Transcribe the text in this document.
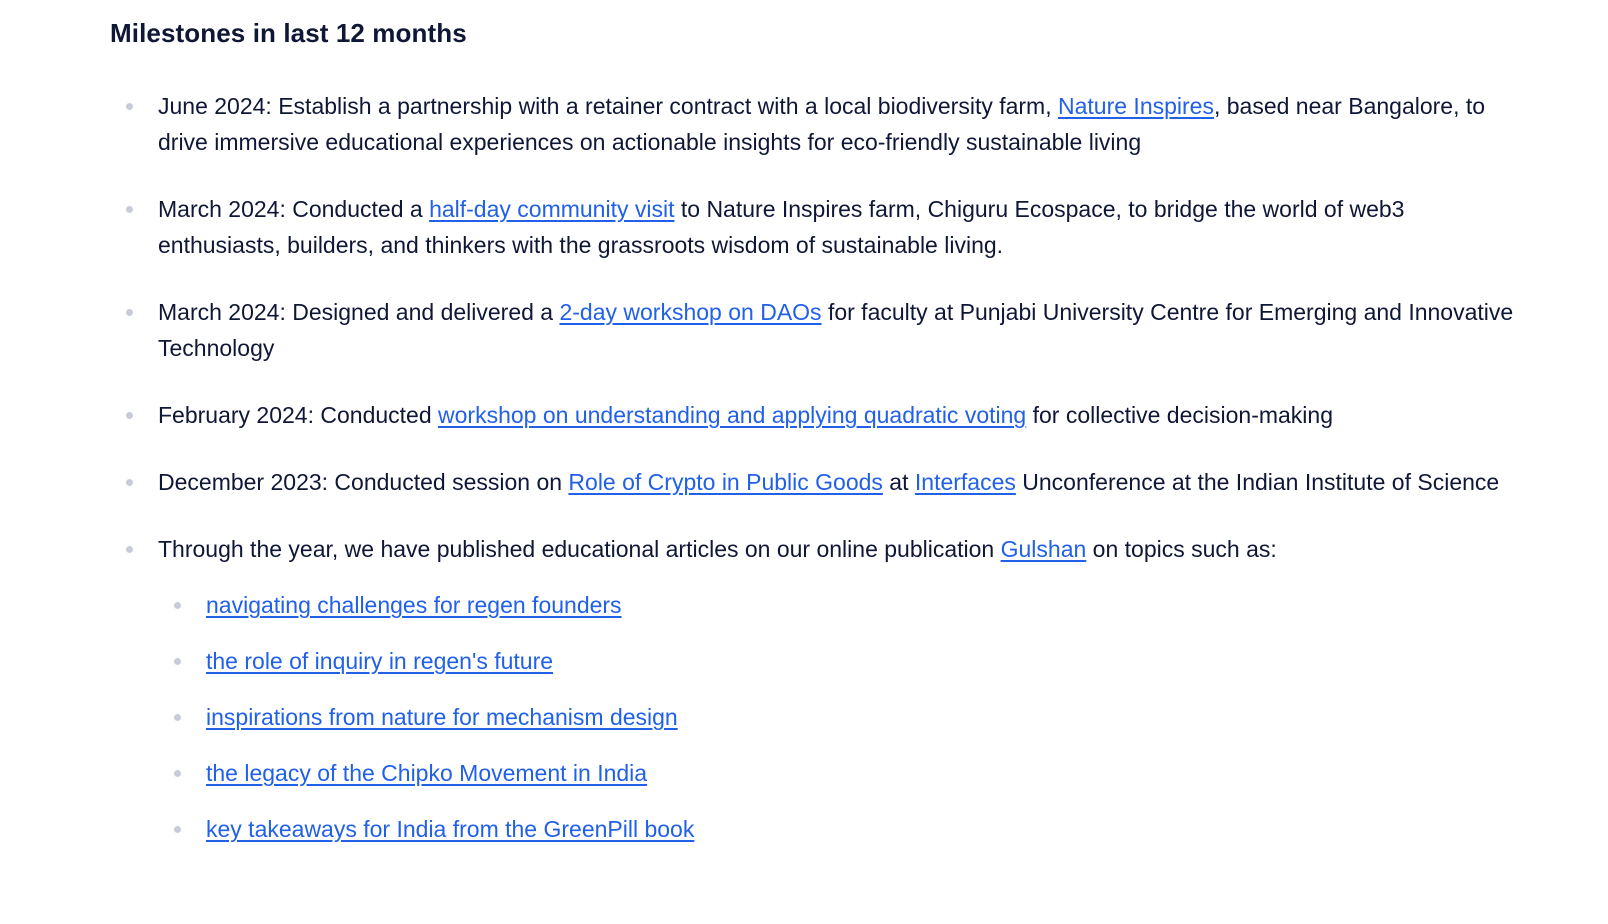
Milestones in last 12 months
June 2024: Establish a partnership with a retainer contract with a local biodiversity farm, Nature Inspires, based near Bangalore, to drive immersive educational experiences on actionable insights for eco-friendly sustainable living
March 2024: Conducted a half-day community visit to Nature Inspires farm, Chiguru Ecospace, to bridge the world of web3 enthusiasts, builders, and thinkers with the grassroots wisdom of sustainable living.
March 2024: Designed and delivered a 2-day workshop on DAOs for faculty at Punjabi University Centre for Emerging and Innovative Technology
February 2024: Conducted workshop on understanding and applying quadratic voting for collective decision-making
December 2023: Conducted session on Role of Crypto in Public Goods at Interfaces Unconference at the Indian Institute of Science
Through the year, we have published educational articles on our online publication Gulshan on topics such as:
navigating challenges for regen founders
the role of inquiry in regen's future
inspirations from nature for mechanism design
the legacy of the Chipko Movement in India
key takeaways for India from the GreenPill book
